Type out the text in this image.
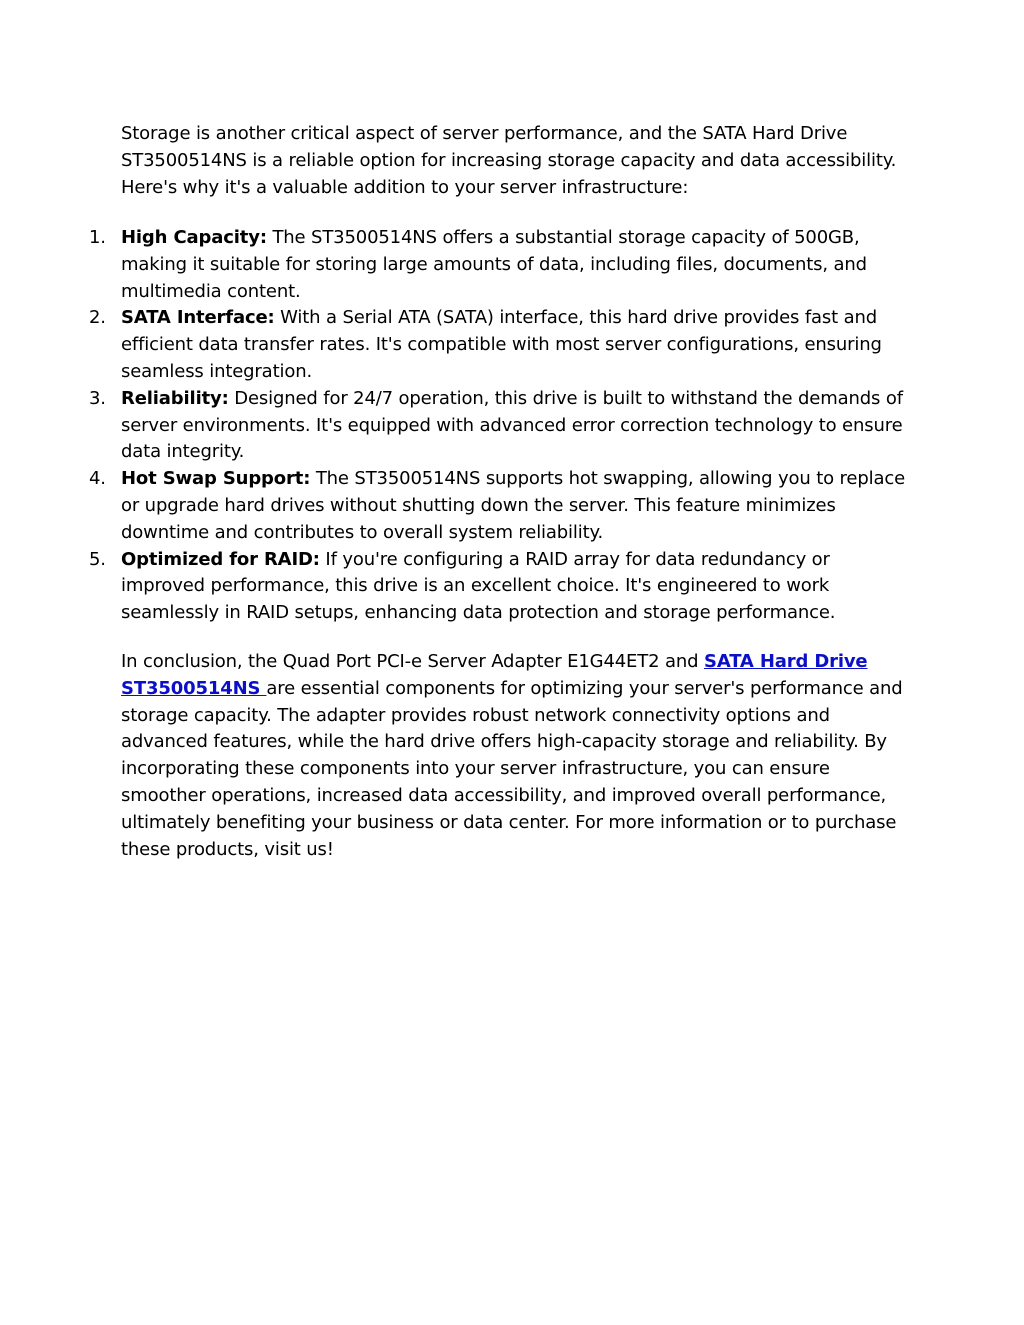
Storage is another critical aspect of server performance, and the SATA Hard Drive ST3500514NS is a reliable option for increasing storage capacity and data accessibility. Here's why it's a valuable addition to your server infrastructure:

1. High Capacity: The ST3500514NS offers a substantial storage capacity of 500GB, making it suitable for storing large amounts of data, including files, documents, and multimedia content.
2. SATA Interface: With a Serial ATA (SATA) interface, this hard drive provides fast and efficient data transfer rates. It's compatible with most server configurations, ensuring seamless integration.
3. Reliability: Designed for 24/7 operation, this drive is built to withstand the demands of server environments. It's equipped with advanced error correction technology to ensure data integrity.
4. Hot Swap Support: The ST3500514NS supports hot swapping, allowing you to replace or upgrade hard drives without shutting down the server. This feature minimizes downtime and contributes to overall system reliability.
5. Optimized for RAID: If you're configuring a RAID array for data redundancy or improved performance, this drive is an excellent choice. It's engineered to work seamlessly in RAID setups, enhancing data protection and storage performance.

In conclusion, the Quad Port PCI-e Server Adapter E1G44ET2 and SATA Hard Drive ST3500514NS are essential components for optimizing your server's performance and storage capacity. The adapter provides robust network connectivity options and advanced features, while the hard drive offers high-capacity storage and reliability. By incorporating these components into your server infrastructure, you can ensure smoother operations, increased data accessibility, and improved overall performance, ultimately benefiting your business or data center. For more information or to purchase these products, visit us!
